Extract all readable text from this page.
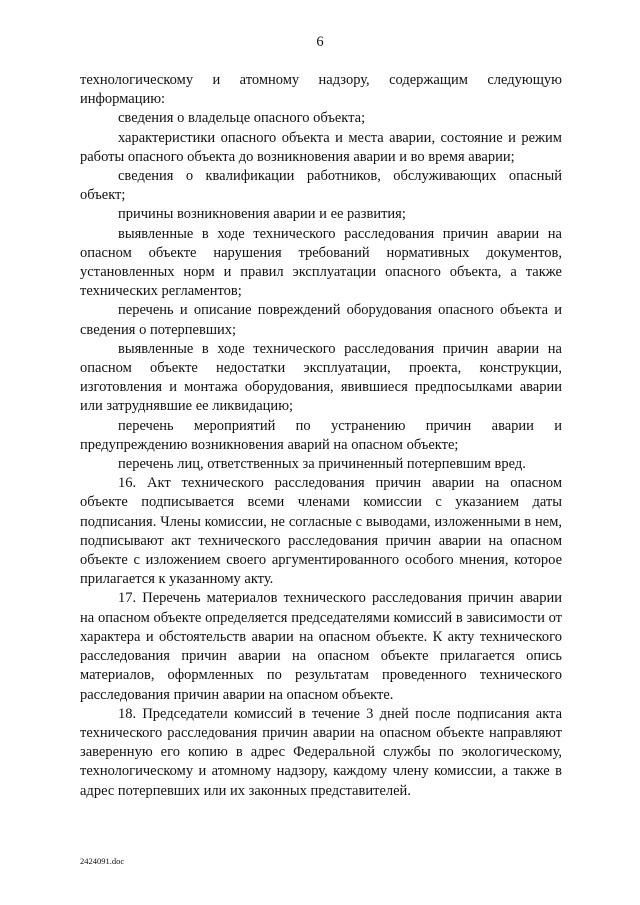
6

технологическому и атомному надзору, содержащим следующую информацию:

сведения о владельце опасного объекта;

характеристики опасного объекта и места аварии, состояние и режим работы опасного объекта до возникновения аварии и во время аварии;

сведения о квалификации работников, обслуживающих опасный объект;

причины возникновения аварии и ее развития;

выявленные в ходе технического расследования причин аварии на опасном объекте нарушения требований нормативных документов, установленных норм и правил эксплуатации опасного объекта, а также технических регламентов;

перечень и описание повреждений оборудования опасного объекта и сведения о потерпевших;

выявленные в ходе технического расследования причин аварии на опасном объекте недостатки эксплуатации, проекта, конструкции, изготовления и монтажа оборудования, явившиеся предпосылками аварии или затруднявшие ее ликвидацию;

перечень мероприятий по устранению причин аварии и предупреждению возникновения аварий на опасном объекте;

перечень лиц, ответственных за причиненный потерпевшим вред.

16. Акт технического расследования причин аварии на опасном объекте подписывается всеми членами комиссии с указанием даты подписания. Члены комиссии, не согласные с выводами, изложенными в нем, подписывают акт технического расследования причин аварии на опасном объекте с изложением своего аргументированного особого мнения, которое прилагается к указанному акту.

17. Перечень материалов технического расследования причин аварии на опасном объекте определяется председателями комиссий в зависимости от характера и обстоятельств аварии на опасном объекте. К акту технического расследования причин аварии на опасном объекте прилагается опись материалов, оформленных по результатам проведенного технического расследования причин аварии на опасном объекте.

18. Председатели комиссий в течение 3 дней после подписания акта технического расследования причин аварии на опасном объекте направляют заверенную его копию в адрес Федеральной службы по экологическому, технологическому и атомному надзору, каждому члену комиссии, а также в адрес потерпевших или их законных представителей.

2424091.doc
